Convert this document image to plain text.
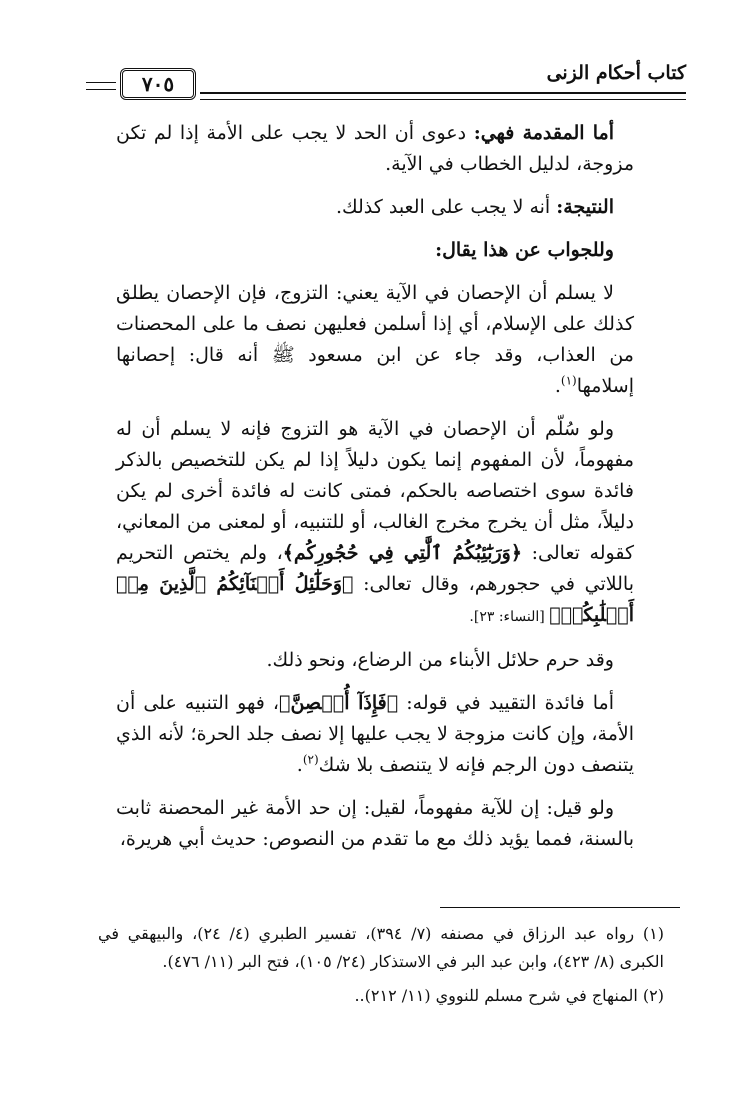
٧٠٥	كتاب أحكام الزنى

أما المقدمة فهي: دعوى أن الحد لا يجب على الأمة إذا لم تكن مزوجة، لدليل الخطاب في الآية.

النتيجة: أنه لا يجب على العبد كذلك.

وللجواب عن هذا يقال:

لا يسلم أن الإحصان في الآية يعني: التزوج، فإن الإحصان يطلق كذلك على الإسلام، أي إذا أسلمن فعليهن نصف ما على المحصنات من العذاب، وقد جاء عن ابن مسعود ﷺ أنه قال: إحصانها إسلامها$^{(١)}$.

ولو سُلّم أن الإحصان في الآية هو التزوج فإنه لا يسلم أن له مفهوماً، لأن المفهوم إنما يكون دليلاً إذا لم يكن للتخصيص بالذكر فائدة سوى اختصاصه بالحكم، فمتى كانت له فائدة أخرى لم يكن دليلاً، مثل أن يخرج مخرج الغالب، أو للتنبيه، أو لمعنى من المعاني، كقوله تعالى: ﴿وَرَبَٰٓئِبُكُمُ ٱلَّٰتِي فِي حُجُورِكُم﴾، ولم يختص التحريم باللاتي في حجورهم، وقال تعالى: ﴿وَحَلَٰٓئِلُ أَبۡنَآئِكُمُ ٱلَّذِينَ مِنۡ أَصۡلَٰبِكُمۡ﴾ [النساء: ٢٣].

وقد حرم حلائل الأبناء من الرضاع، ونحو ذلك.

أما فائدة التقييد في قوله: ﴿فَإِذَآ أُحۡصِنَّ﴾، فهو التنبيه على أن الأمة، وإن كانت مزوجة لا يجب عليها إلا نصف جلد الحرة؛ لأنه الذي يتنصف دون الرجم فإنه لا يتنصف بلا شك$^{(٢)}$.

ولو قيل: إن للآية مفهوماً، لقيل: إن حد الأمة غير المحصنة ثابت بالسنة، فمما يؤيد ذلك مع ما تقدم من النصوص: حديث أبي هريرة،

(١) رواه عبد الرزاق في مصنفه (٧/ ٣٩٤)، تفسير الطبري (٤/ ٢٤)، والبيهقي في الكبرى (٨/ ٤٢٣)، وابن عبد البر في الاستذكار (٢٤/ ١٠٥)، فتح البر (١١/ ٤٧٦).

(٢) المنهاج في شرح مسلم للنووي (١١/ ٢١٢)..
